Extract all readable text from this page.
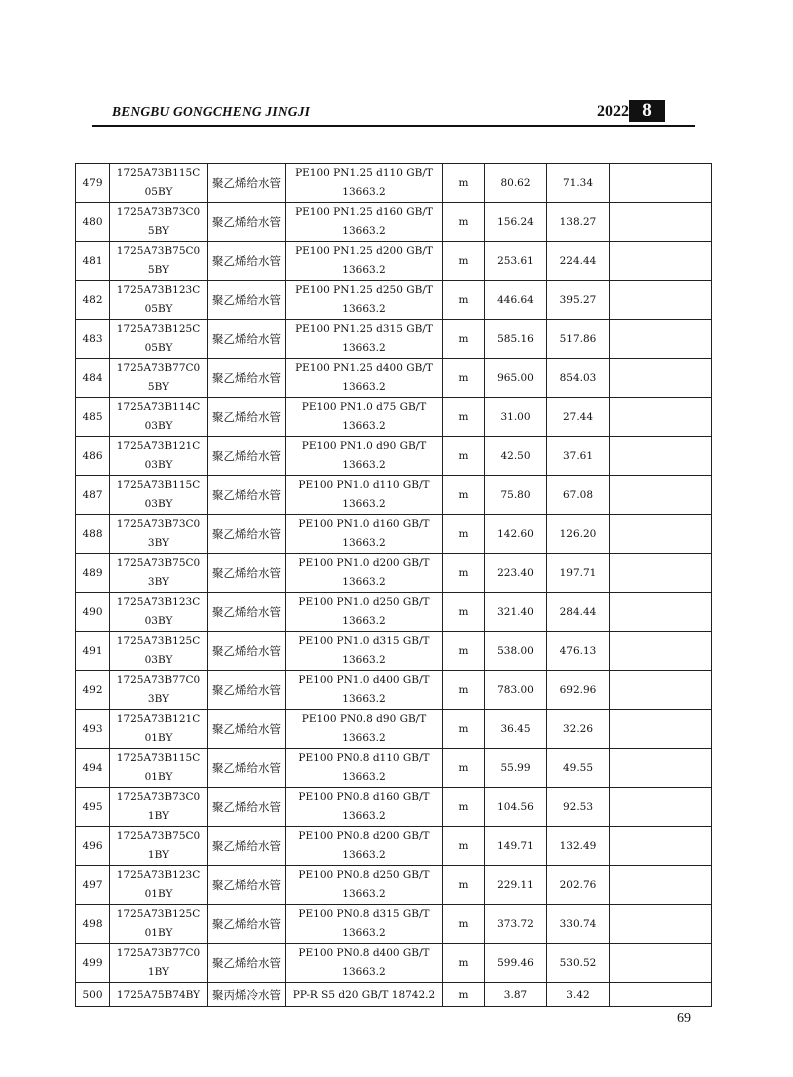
BENGBU GONGCHENG JINGJI	2022 8
479	1725A73B115C05BY	聚乙烯给水管	PE100 PN1.25 d110 GB/T 13663.2	m	80.62	71.34	
480	1725A73B73C05BY	聚乙烯给水管	PE100 PN1.25 d160 GB/T 13663.2	m	156.24	138.27	
481	1725A73B75C05BY	聚乙烯给水管	PE100 PN1.25 d200 GB/T 13663.2	m	253.61	224.44	
482	1725A73B123C05BY	聚乙烯给水管	PE100 PN1.25 d250 GB/T 13663.2	m	446.64	395.27	
483	1725A73B125C05BY	聚乙烯给水管	PE100 PN1.25 d315 GB/T 13663.2	m	585.16	517.86	
484	1725A73B77C05BY	聚乙烯给水管	PE100 PN1.25 d400 GB/T 13663.2	m	965.00	854.03	
485	1725A73B114C03BY	聚乙烯给水管	PE100 PN1.0 d75 GB/T 13663.2	m	31.00	27.44	
486	1725A73B121C03BY	聚乙烯给水管	PE100 PN1.0 d90 GB/T 13663.2	m	42.50	37.61	
487	1725A73B115C03BY	聚乙烯给水管	PE100 PN1.0 d110 GB/T 13663.2	m	75.80	67.08	
488	1725A73B73C03BY	聚乙烯给水管	PE100 PN1.0 d160 GB/T 13663.2	m	142.60	126.20	
489	1725A73B75C03BY	聚乙烯给水管	PE100 PN1.0 d200 GB/T 13663.2	m	223.40	197.71	
490	1725A73B123C03BY	聚乙烯给水管	PE100 PN1.0 d250 GB/T 13663.2	m	321.40	284.44	
491	1725A73B125C03BY	聚乙烯给水管	PE100 PN1.0 d315 GB/T 13663.2	m	538.00	476.13	
492	1725A73B77C03BY	聚乙烯给水管	PE100 PN1.0 d400 GB/T 13663.2	m	783.00	692.96	
493	1725A73B121C01BY	聚乙烯给水管	PE100 PN0.8 d90 GB/T 13663.2	m	36.45	32.26	
494	1725A73B115C01BY	聚乙烯给水管	PE100 PN0.8 d110 GB/T 13663.2	m	55.99	49.55	
495	1725A73B73C01BY	聚乙烯给水管	PE100 PN0.8 d160 GB/T 13663.2	m	104.56	92.53	
496	1725A73B75C01BY	聚乙烯给水管	PE100 PN0.8 d200 GB/T 13663.2	m	149.71	132.49	
497	1725A73B123C01BY	聚乙烯给水管	PE100 PN0.8 d250 GB/T 13663.2	m	229.11	202.76	
498	1725A73B125C01BY	聚乙烯给水管	PE100 PN0.8 d315 GB/T 13663.2	m	373.72	330.74	
499	1725A73B77C01BY	聚乙烯给水管	PE100 PN0.8 d400 GB/T 13663.2	m	599.46	530.52	
500	1725A75B74BY	聚丙烯冷水管	PP-R S5 d20 GB/T 18742.2	m	3.87	3.42	
69
